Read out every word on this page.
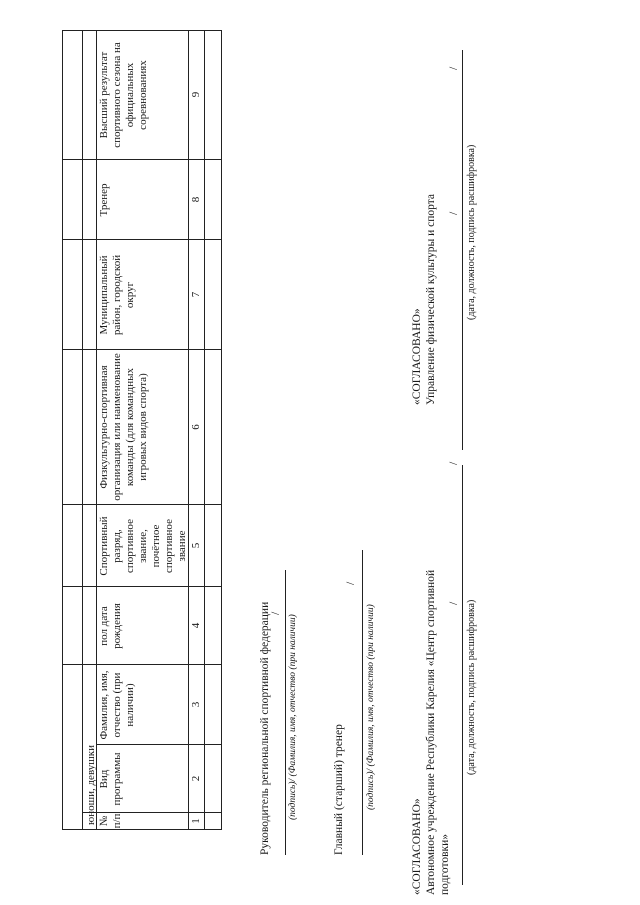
юноши, девушки № п/п
Вид программы
Фамилия, имя, отчество (при наличии)
пол дата рождения
Спортивный разряд, спортивное звание, почётное спортивное звание
Физкультурно-спортивная организация или наименование команды (для командных игровых видов спорта)
Муниципальный район, городской округ
Тренер
Высший результат спортивного сезона на официальных соревнованиях
1
2
3
4
5
6
7
8
9
Руководитель региональной спортивной федерации /
(подпись)/ (Фамилия, имя, отчество (при наличии)	Главный (старший) тренер
/
(подпись)/ (Фамилия, имя, отчество (при наличии)
«СОГЛАСОВАНО» Автономное учреждение Республики Карелия «Центр спортивной подготовки»
/
/
(дата, должность, подпись расшифровка)
«СОГЛАСОВАНО» Управление физической культуры и спорта /
/
(дата, должность, подпись расшифровка)
